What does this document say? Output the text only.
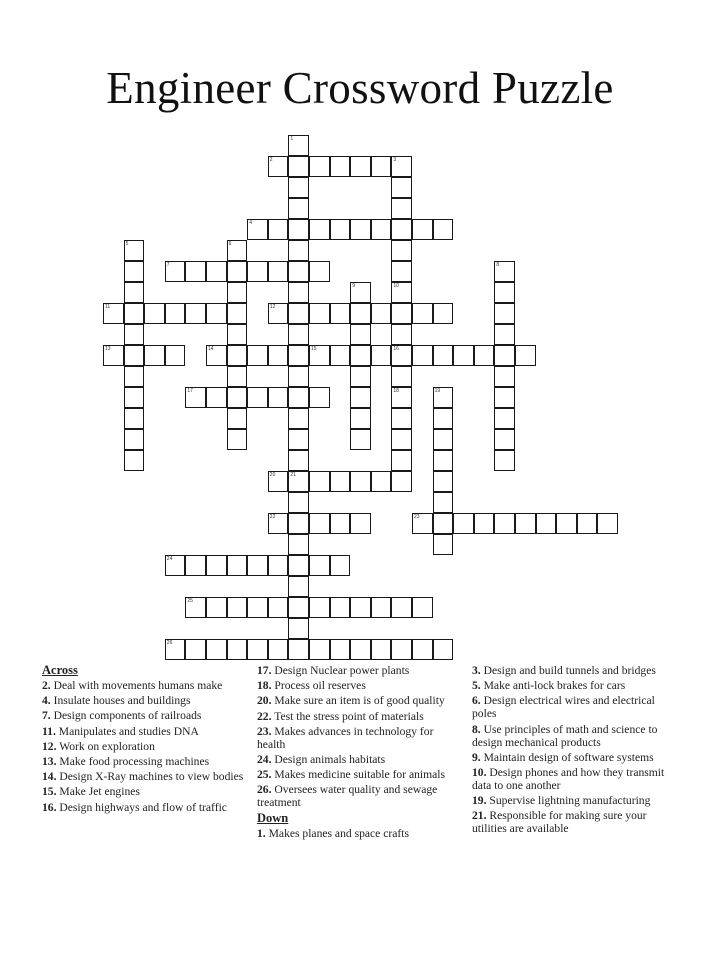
Engineer Crossword Puzzle
1
21
2	3
10
16
4
5	6
7	8
9
18
11	12
13	14	15
17	19
20
22	23
24
25
26
Across
2. Deal with movements humans make
4. Insulate houses and buildings
7. Design components of railroads
11. Manipulates and studies DNA
12. Work on exploration
13. Make food processing machines
14. Design X-Ray machines to view bodies
15. Make Jet engines
16. Design highways and flow of traffic
17. Design Nuclear power plants
18. Process oil reserves
20. Make sure an item is of good quality
22. Test the stress point of materials
23. Makes advances in technology for health
24. Design animals habitats
25. Makes medicine suitable for animals
26. Oversees water quality and sewage treatment
Down
1. Makes planes and space crafts
3. Design and build tunnels and bridges
5. Make anti-lock brakes for cars
6. Design electrical wires and electrical poles
8. Use principles of math and science to design mechanical products
9. Maintain design of software systems
10. Design phones and how they transmit data to one another
19. Supervise lightning manufacturing
21. Responsible for making sure your utilities are available
